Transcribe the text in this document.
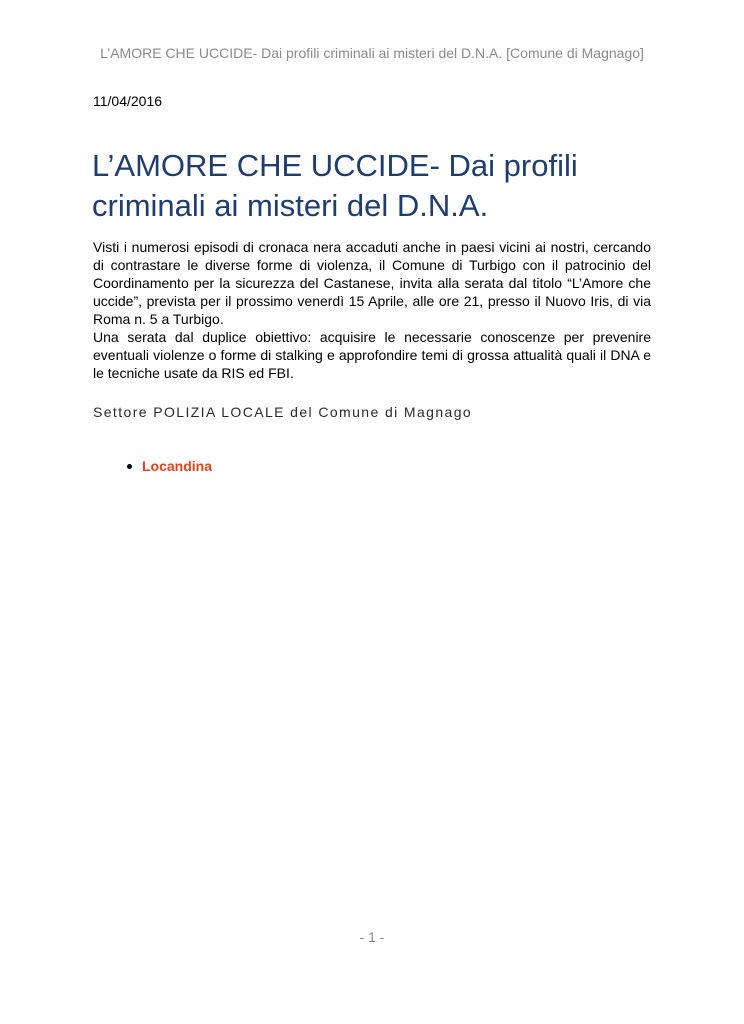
L’AMORE CHE UCCIDE- Dai profili criminali ai misteri del D.N.A. [Comune di Magnago]
11/04/2016
L’AMORE CHE UCCIDE- Dai profili criminali ai misteri del D.N.A.

Visti i numerosi episodi di cronaca nera accaduti anche in paesi vicini ai nostri, cercando di contrastare le diverse forme di violenza, il Comune di Turbigo con il patrocinio del Coordinamento per la sicurezza del Castanese, invita alla serata dal titolo “L’Amore che uccide”, prevista per il prossimo venerdì 15 Aprile, alle ore 21, presso il Nuovo Iris, di via Roma n. 5 a Turbigo.

Una serata dal duplice obiettivo: acquisire le necessarie conoscenze per prevenire eventuali violenze o forme di stalking e approfondire temi di grossa attualità quali il DNA e le tecniche usate da RIS ed FBI.

Settore POLIZIA LOCALE del Comune di Magnago
Locandina
- 1 -
